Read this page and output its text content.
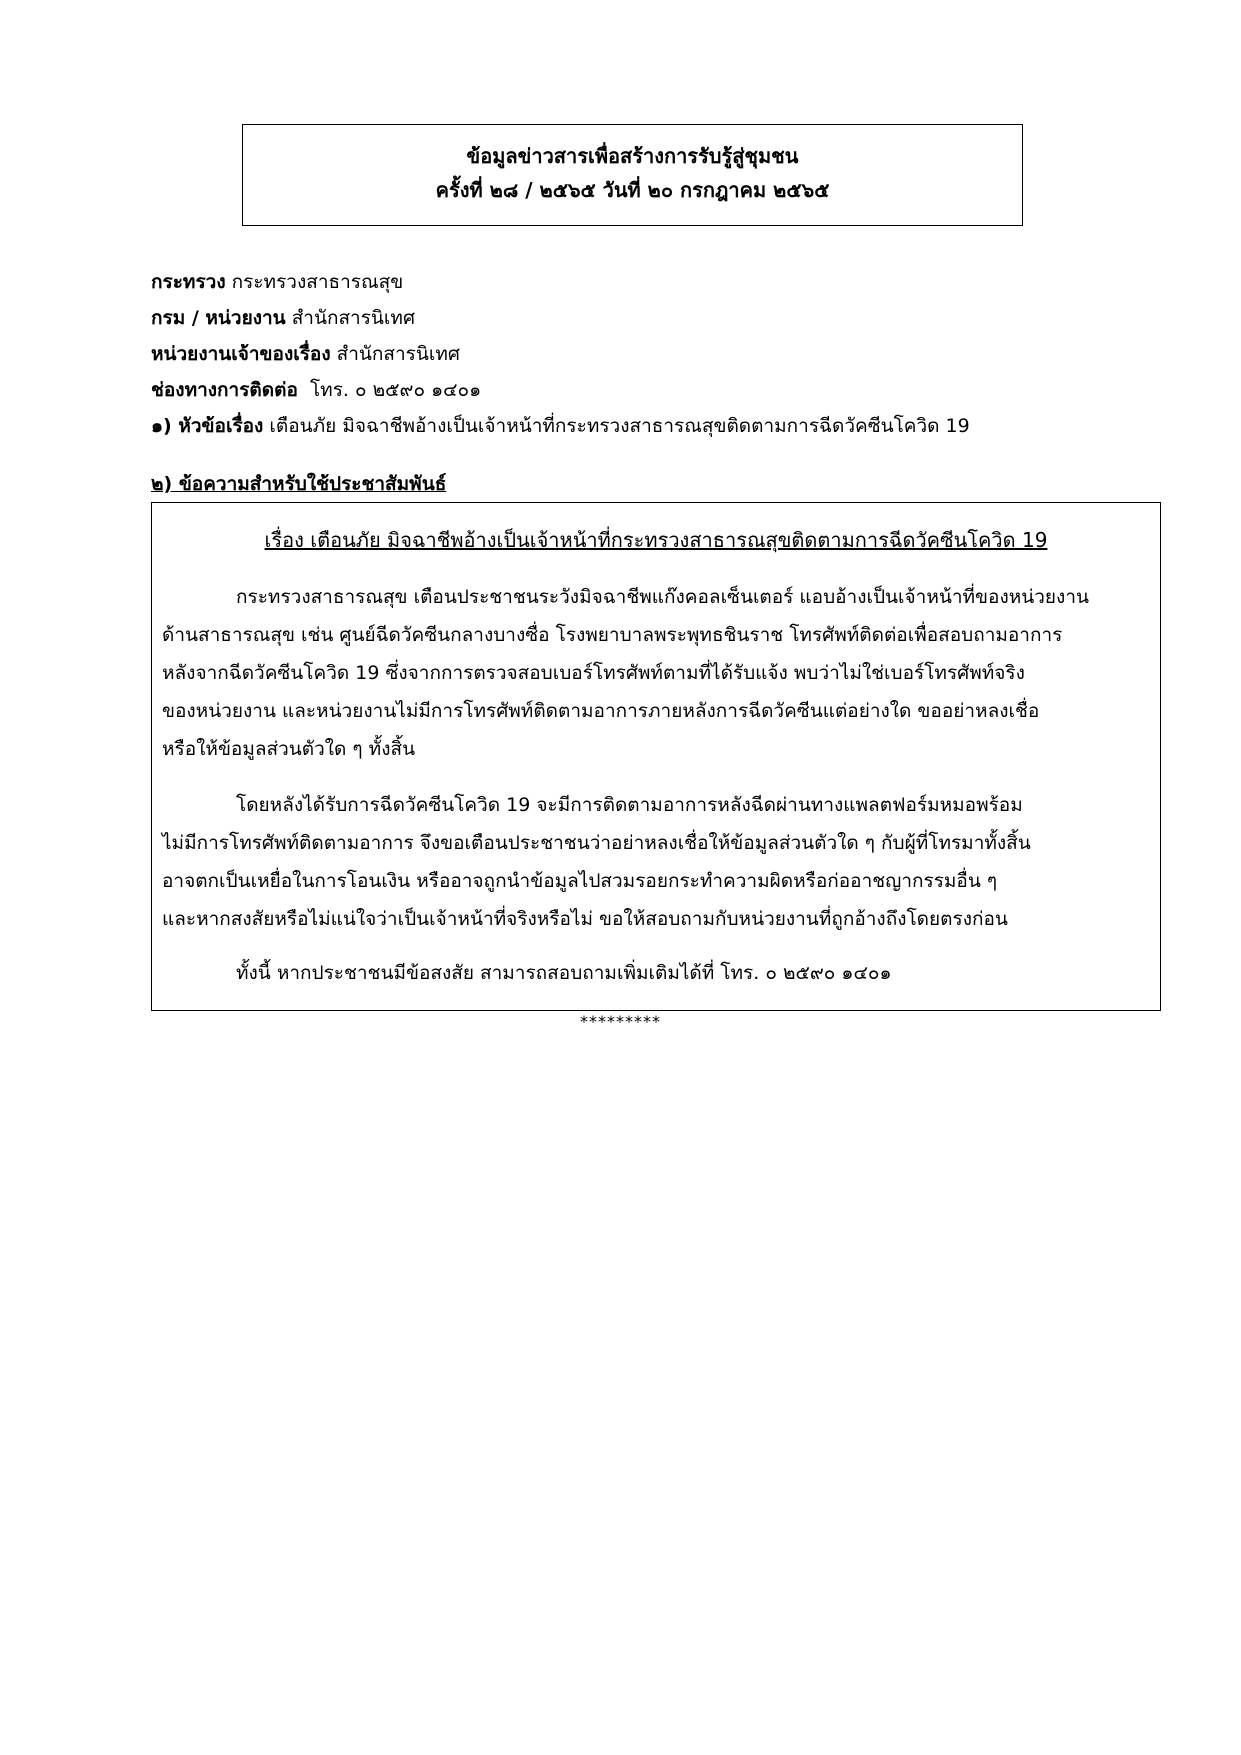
ข้อมูลข่าวสารเพื่อสร้างการรับรู้สู่ชุมชน
ครั้งที่ ๒๘ / ๒๕๖๕ วันที่ ๒๐ กรกฎาคม ๒๕๖๕
กระทรวง กระทรวงสาธารณสุข
กรม / หน่วยงาน สำนักสารนิเทศ
หน่วยงานเจ้าของเรื่อง สำนักสารนิเทศ
ช่องทางการติดต่อ โทร. ๐ ๒๕๙๐ ๑๔๐๑
๑) หัวข้อเรื่อง เตือนภัย มิจฉาชีพอ้างเป็นเจ้าหน้าที่กระทรวงสาธารณสุขติดตามการฉีดวัคซีนโควิด 19
๒) ข้อความสำหรับใช้ประชาสัมพันธ์
เรื่อง เตือนภัย มิจฉาชีพอ้างเป็นเจ้าหน้าที่กระทรวงสาธารณสุขติดตามการฉีดวัคซีนโควิด 19
กระทรวงสาธารณสุข เตือนประชาชนระวังมิจฉาชีพแก๊งคอลเซ็นเตอร์ แอบอ้างเป็นเจ้าหน้าที่ของหน่วยงาน
ด้านสาธารณสุข เช่น ศูนย์ฉีดวัคซีนกลางบางซื่อ โรงพยาบาลพระพุทธชินราช โทรศัพท์ติดต่อเพื่อสอบถามอาการ
หลังจากฉีดวัคซีนโควิด 19 ซึ่งจากการตรวจสอบเบอร์โทรศัพท์ตามที่ได้รับแจ้ง พบว่าไม่ใช่เบอร์โทรศัพท์จริง
ของหน่วยงาน และหน่วยงานไม่มีการโทรศัพท์ติดตามอาการภายหลังการฉีดวัคซีนแต่อย่างใด ขออย่าหลงเชื่อ
หรือให้ข้อมูลส่วนตัวใด ๆ ทั้งสิ้น
โดยหลังได้รับการฉีดวัคซีนโควิด 19 จะมีการติดตามอาการหลังฉีดผ่านทางแพลตฟอร์มหมอพร้อม
ไม่มีการโทรศัพท์ติดตามอาการ จึงขอเตือนประชาชนว่าอย่าหลงเชื่อให้ข้อมูลส่วนตัวใด ๆ กับผู้ที่โทรมาทั้งสิ้น
อาจตกเป็นเหยื่อในการโอนเงิน หรืออาจถูกนำข้อมูลไปสวมรอยกระทำความผิดหรือก่ออาชญากรรมอื่น ๆ
และหากสงสัยหรือไม่แน่ใจว่าเป็นเจ้าหน้าที่จริงหรือไม่ ขอให้สอบถามกับหน่วยงานที่ถูกอ้างถึงโดยตรงก่อน
ทั้งนี้ หากประชาชนมีข้อสงสัย สามารถสอบถามเพิ่มเติมได้ที่ โทร. ๐ ๒๕๙๐ ๑๔๐๑
*********
